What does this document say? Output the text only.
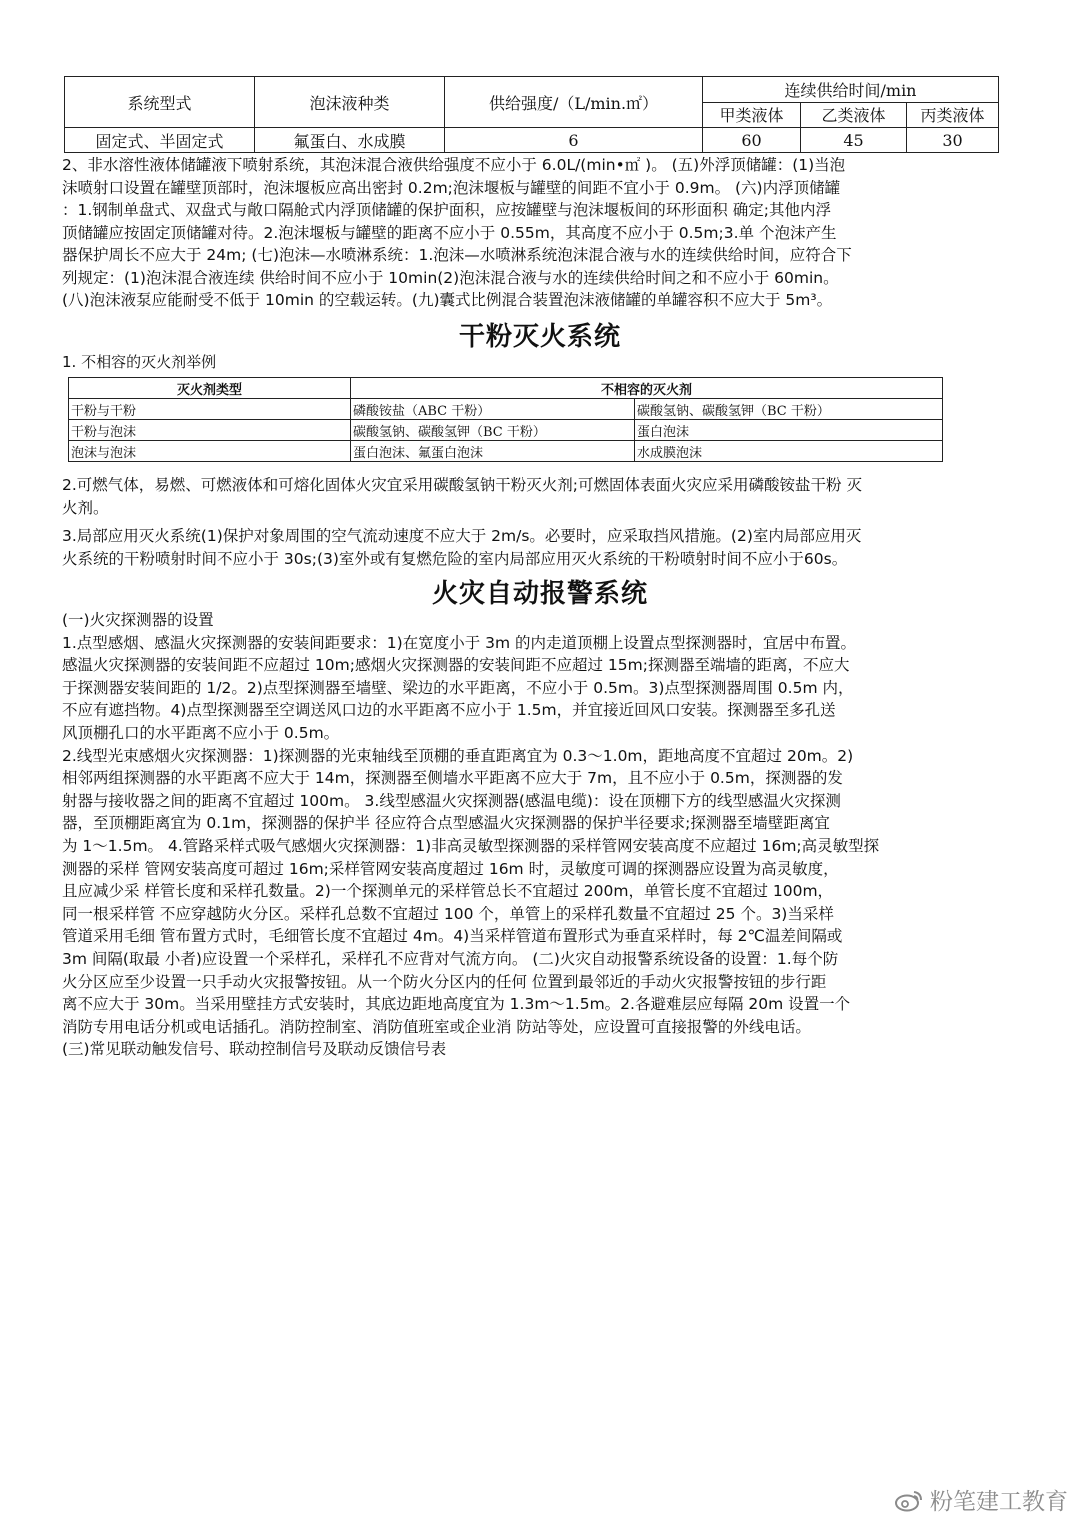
系统型式	泡沫液种类	供给强度/（L/min.㎡）	连续供给时间/min		
			甲类液体	乙类液体	丙类液体
固定式、半固定式	氟蛋白、水成膜	6	60	45	30
2、非水溶性液体储罐液下喷射系统，其泡沫混合液供给强度不应小于 6.0L/(min•㎡ )。 (五)外浮顶储罐：(1)当泡
沫喷射口设置在罐壁顶部时，泡沫堰板应高出密封 0.2m;泡沫堰板与罐壁的间距不宜小于 0.9m。 (六)内浮顶储罐
：1.钢制单盘式、双盘式与敞口隔舱式内浮顶储罐的保护面积，应按罐壁与泡沫堰板间的环形面积 确定;其他内浮
顶储罐应按固定顶储罐对待。2.泡沫堰板与罐壁的距离不应小于 0.55m，其高度不应小于 0.5m;3.单 个泡沫产生
器保护周长不应大于 24m; (七)泡沫—水喷淋系统：1.泡沫—水喷淋系统泡沫混合液与水的连续供给时间，应符合下
列规定：(1)泡沫混合液连续 供给时间不应小于 10min(2)泡沫混合液与水的连续供给时间之和不应小于 60min。
(八)泡沫液泵应能耐受不低于 10min 的空载运转。(九)囊式比例混合装置泡沫液储罐的单罐容积不应大于 5m³。
干粉灭火系统
1. 不相容的灭火剂举例
灭火剂类型	不相容的灭火剂	
干粉与干粉	磷酸铵盐（ABC 干粉）	碳酸氢钠、碳酸氢钾（BC 干粉）
干粉与泡沫	碳酸氢钠、碳酸氢钾（BC 干粉）	蛋白泡沫
泡沫与泡沫	蛋白泡沫、氟蛋白泡沫	水成膜泡沫
2.可燃气体，易燃、可燃液体和可熔化固体火灾宜采用碳酸氢钠干粉灭火剂;可燃固体表面火灾应采用磷酸铵盐干粉 灭
火剂。
3.局部应用灭火系统(1)保护对象周围的空气流动速度不应大于 2m/s。必要时，应采取挡风措施。(2)室内局部应用灭
火系统的干粉喷射时间不应小于 30s;(3)室外或有复燃危险的室内局部应用灭火系统的干粉喷射时间不应小于60s。
火灾自动报警系统
(一)火灾探测器的设置
1.点型感烟、感温火灾探测器的安装间距要求：1)在宽度小于 3m 的内走道顶棚上设置点型探测器时，宜居中布置。
感温火灾探测器的安装间距不应超过 10m;感烟火灾探测器的安装间距不应超过 15m;探测器至端墙的距离，不应大
于探测器安装间距的 1/2。2)点型探测器至墙壁、梁边的水平距离，不应小于 0.5m。3)点型探测器周围 0.5m 内，
不应有遮挡物。4)点型探测器至空调送风口边的水平距离不应小于 1.5m，并宜接近回风口安装。探测器至多孔送
风顶棚孔口的水平距离不应小于 0.5m。
2.线型光束感烟火灾探测器：1)探测器的光束轴线至顶棚的垂直距离宜为 0.3～1.0m，距地高度不宜超过 20m。2)
相邻两组探测器的水平距离不应大于 14m，探测器至侧墙水平距离不应大于 7m，且不应小于 0.5m，探测器的发
射器与接收器之间的距离不宜超过 100m。 3.线型感温火灾探测器(感温电缆)：设在顶棚下方的线型感温火灾探测
器，至顶棚距离宜为 0.1m，探测器的保护半 径应符合点型感温火灾探测器的保护半径要求;探测器至墙壁距离宜
为 1～1.5m。 4.管路采样式吸气感烟火灾探测器：1)非高灵敏型探测器的采样管网安装高度不应超过 16m;高灵敏型探
测器的采样 管网安装高度可超过 16m;采样管网安装高度超过 16m 时，灵敏度可调的探测器应设置为高灵敏度，
且应减少采 样管长度和采样孔数量。2)一个探测单元的采样管总长不宜超过 200m，单管长度不宜超过 100m，
同一根采样管 不应穿越防火分区。采样孔总数不宜超过 100 个，单管上的采样孔数量不宜超过 25 个。3)当采样
管道采用毛细 管布置方式时，毛细管长度不宜超过 4m。4)当采样管道布置形式为垂直采样时，每 2℃温差间隔或
3m 间隔(取最 小者)应设置一个采样孔，采样孔不应背对气流方向。 (二)火灾自动报警系统设备的设置：1.每个防
火分区应至少设置一只手动火灾报警按钮。从一个防火分区内的任何 位置到最邻近的手动火灾报警按钮的步行距
离不应大于 30m。当采用壁挂方式安装时，其底边距地高度宜为 1.3m～1.5m。2.各避难层应每隔 20m 设置一个
消防专用电话分机或电话插孔。消防控制室、消防值班室或企业消 防站等处，应设置可直接报警的外线电话。
(三)常见联动触发信号、联动控制信号及联动反馈信号表
粉笔建工教育
